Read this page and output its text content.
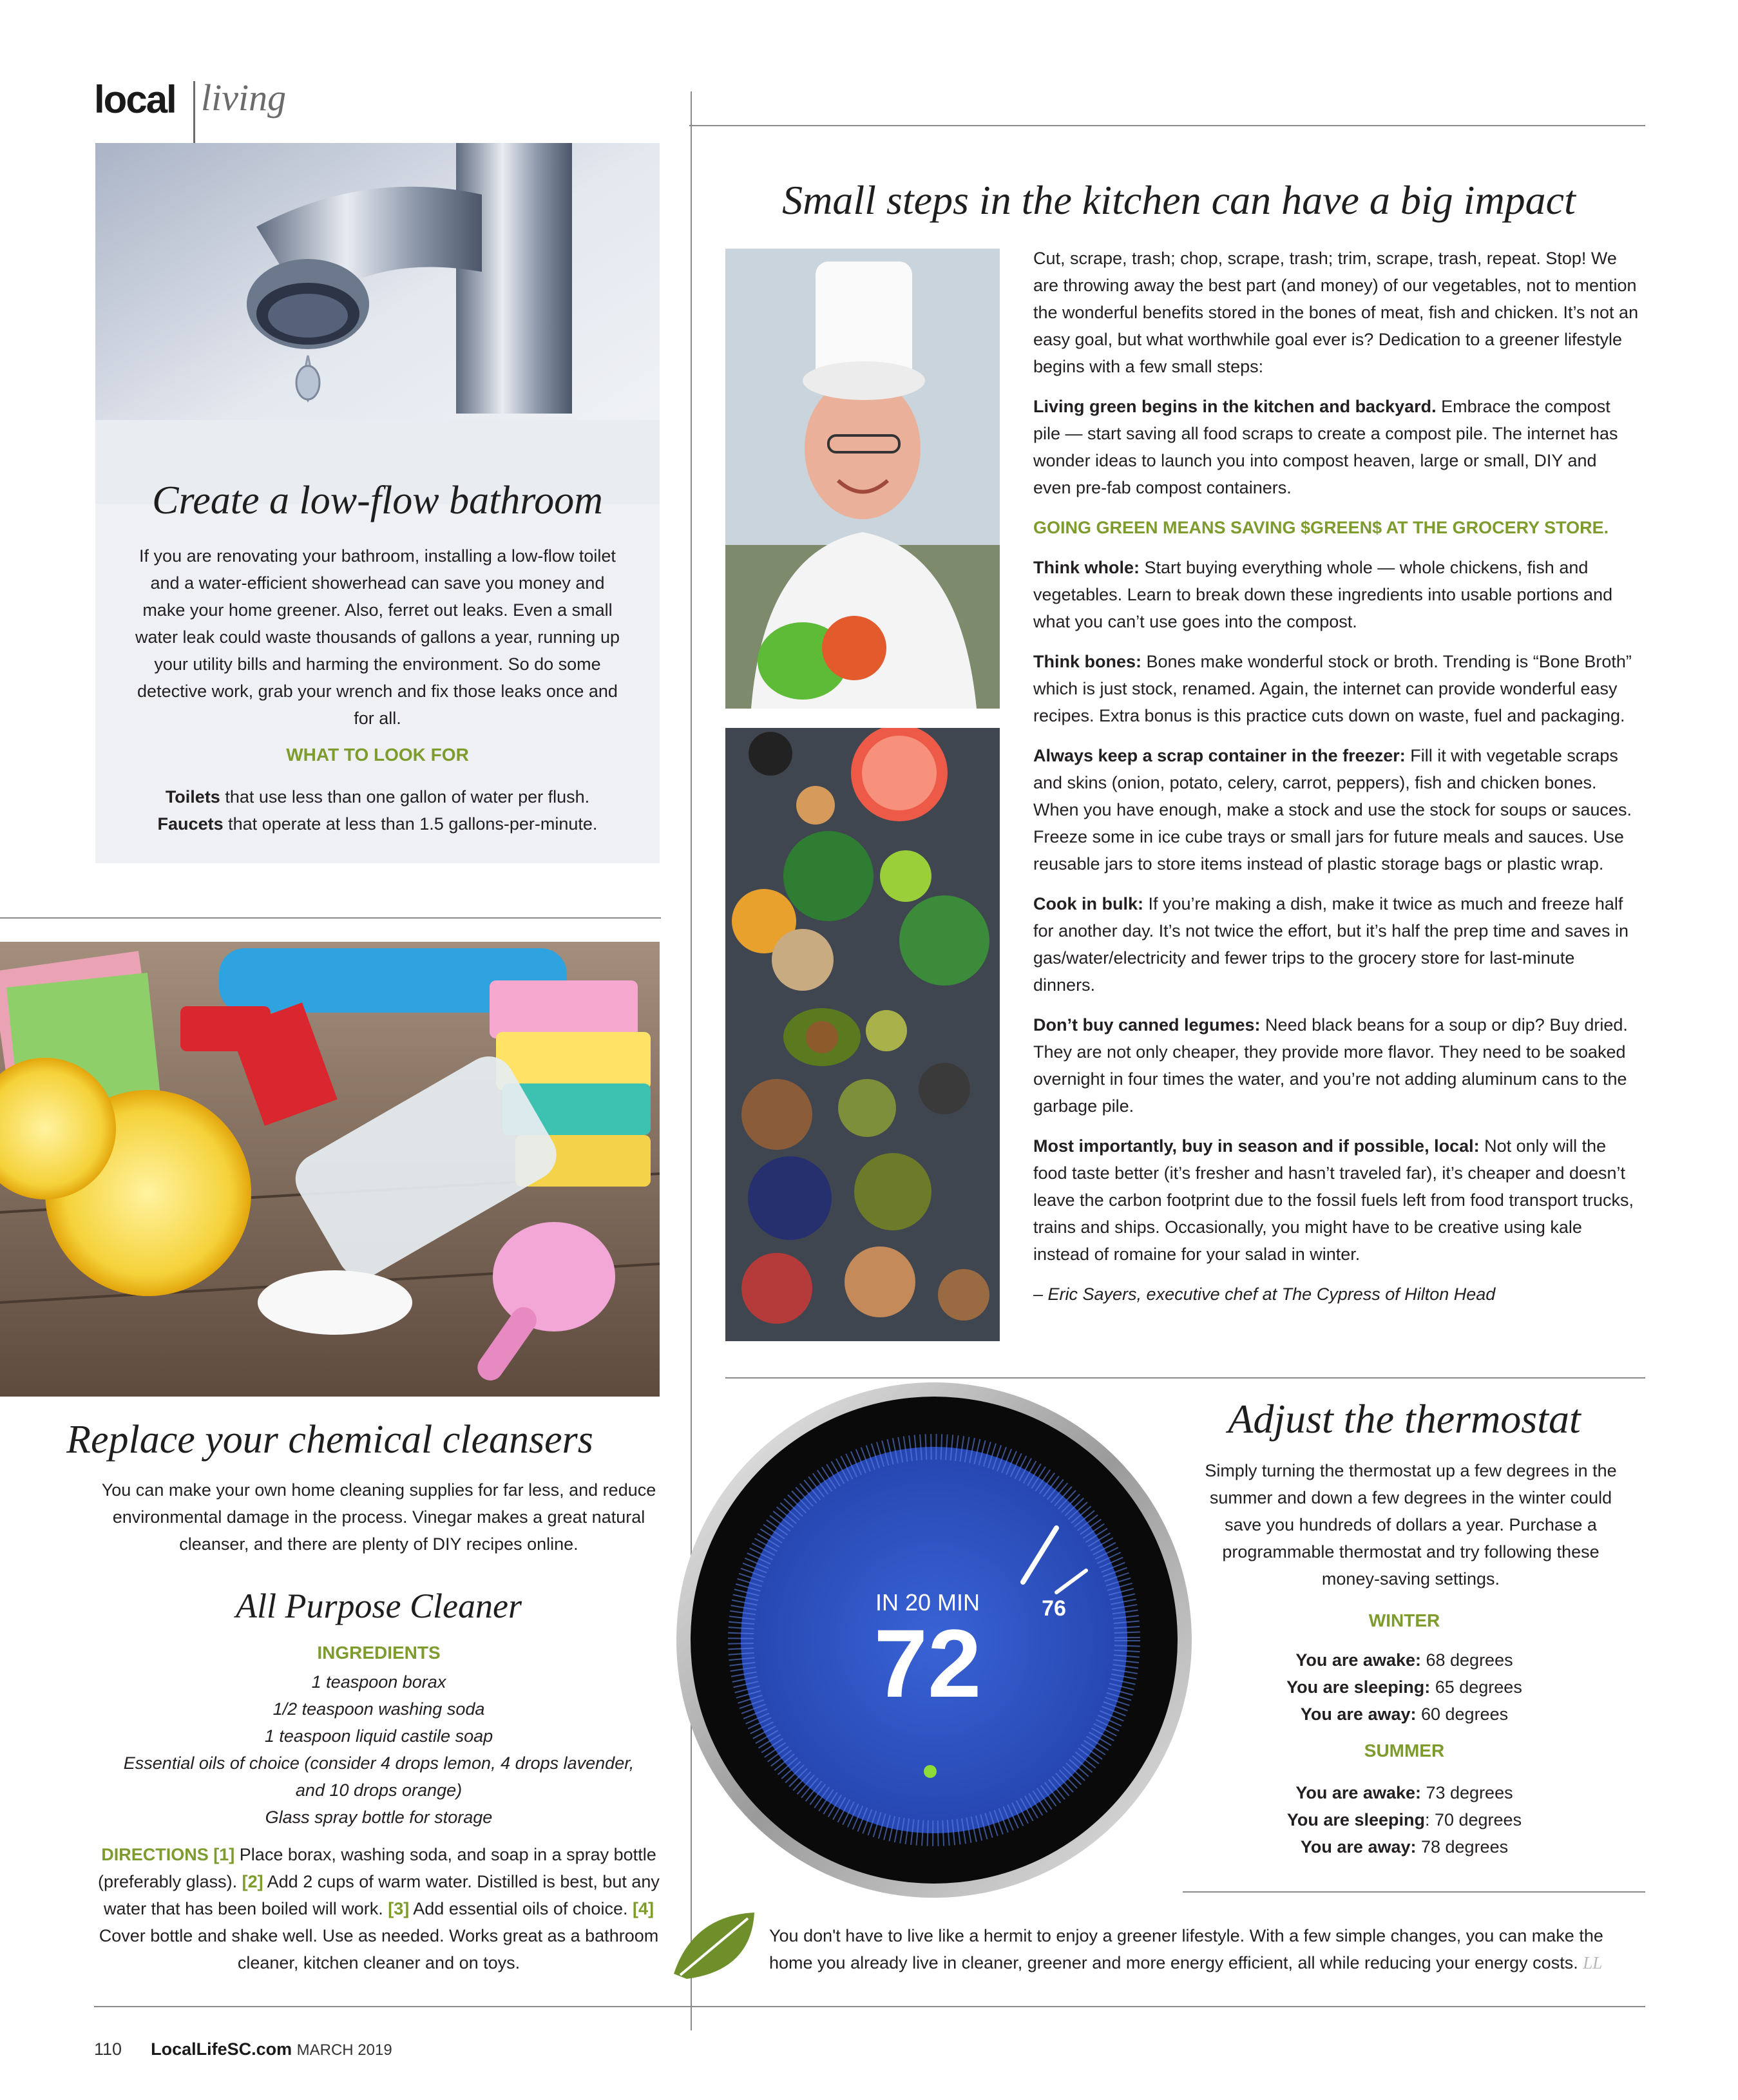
local living
Create a low-flow bathroom
If you are renovating your bathroom, installing a low-flow toilet and a water-efficient showerhead can save you money and make your home greener. Also, ferret out leaks. Even a small water leak could waste thousands of gallons a year, running up your utility bills and harming the environment. So do some detective work, grab your wrench and fix those leaks once and for all.
WHAT TO LOOK FOR
Toilets that use less than one gallon of water per flush.
Faucets that operate at less than 1.5 gallons-per-minute.
Replace your chemical cleansers
You can make your own home cleaning supplies for far less, and reduce environmental damage in the process. Vinegar makes a great natural cleanser, and there are plenty of DIY recipes online.
All Purpose Cleaner
INGREDIENTS
1 teaspoon borax
1/2 teaspoon washing soda
1 teaspoon liquid castile soap
Essential oils of choice (consider 4 drops lemon, 4 drops lavender,
and 10 drops orange)
Glass spray bottle for storage
DIRECTIONS [1] Place borax, washing soda, and soap in a spray bottle (preferably glass). [2] Add 2 cups of warm water. Distilled is best, but any water that has been boiled will work. [3] Add essential oils of choice. [4] Cover bottle and shake well. Use as needed. Works great as a bathroom cleaner, kitchen cleaner and on toys.
Small steps in the kitchen can have a big impact

Cut, scrape, trash; chop, scrape, trash; trim, scrape, trash, repeat. Stop! We are throwing away the best part (and money) of our vegetables, not to mention the wonderful benefits stored in the bones of meat, fish and chicken. It’s not an easy goal, but what worthwhile goal ever is? Dedication to a greener lifestyle begins with a few small steps:

Living green begins in the kitchen and backyard. Embrace the compost pile — start saving all food scraps to create a compost pile. The internet has wonder ideas to launch you into compost heaven, large or small, DIY and even pre-fab compost containers.

GOING GREEN MEANS SAVING $GREEN$ AT THE GROCERY STORE.

Think whole: Start buying everything whole — whole chickens, fish and vegetables. Learn to break down these ingredients into usable portions and what you can’t use goes into the compost.

Think bones: Bones make wonderful stock or broth. Trending is “Bone Broth” which is just stock, renamed. Again, the internet can provide wonderful easy recipes. Extra bonus is this practice cuts down on waste, fuel and packaging.

Always keep a scrap container in the freezer: Fill it with vegetable scraps and skins (onion, potato, celery, carrot, peppers), fish and chicken bones. When you have enough, make a stock and use the stock for soups or sauces. Freeze some in ice cube trays or small jars for future meals and sauces. Use reusable jars to store items instead of plastic storage bags or plastic wrap.

Cook in bulk: If you’re making a dish, make it twice as much and freeze half for another day. It’s not twice the effort, but it’s half the prep time and saves in gas/water/electricity and fewer trips to the grocery store for last-minute dinners.

Don’t buy canned legumes: Need black beans for a soup or dip? Buy dried. They are not only cheaper, they provide more flavor. They need to be soaked overnight in four times the water, and you’re not adding aluminum cans to the garbage pile.

Most importantly, buy in season and if possible, local: Not only will the food taste better (it’s fresher and hasn’t traveled far), it’s cheaper and doesn’t leave the carbon footprint due to the fossil fuels left from food transport trucks, trains and ships. Occasionally, you might have to be creative using kale instead of romaine for your salad in winter.

– Eric Sayers, executive chef at The Cypress of Hilton Head

IN 20 MIN
72
76
Adjust the thermostat
Simply turning the thermostat up a few degrees in the summer and down a few degrees in the winter could save you hundreds of dollars a year. Purchase a programmable thermostat and try following these money-saving settings.
WINTER
You are awake: 68 degrees
You are sleeping: 65 degrees
You are away: 60 degrees
SUMMER
You are awake: 73 degrees
You are sleeping: 70 degrees
You are away: 78 degrees
You don't have to live like a hermit to enjoy a greener lifestyle. With a few simple changes, you can make the home you already live in cleaner, greener and more energy efficient, all while reducing your energy costs. LL
110 LocalLifeSC.com MARCH 2019
